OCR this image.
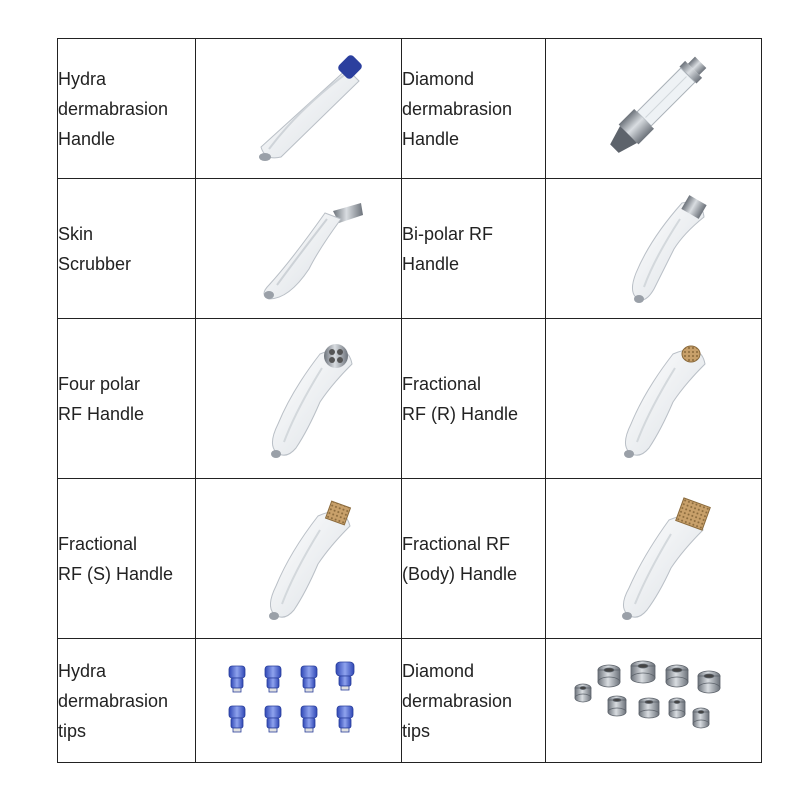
Hydra
dermabrasion
Handle		Diamond
dermabrasion
Handle

Skin
Scrubber		Bi-polar RF
Handle

Four polar
RF Handle		Fractional
RF (R) Handle

Fractional
RF (S) Handle		Fractional RF
(Body) Handle

Hydra
dermabrasion
tips		Diamond
dermabrasion
tips
